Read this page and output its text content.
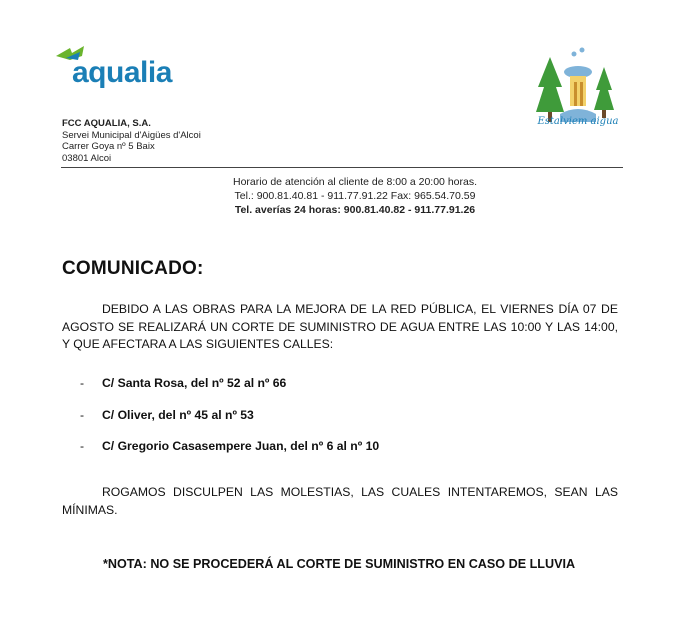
aqualia
Estalviem aigua
FCC AQUALIA, S.A.
Servei Municipal d'Aigües d'Alcoi
Carrer Goya nº 5 Baix
03801 Alcoi
Horario de atención al cliente de 8:00 a 20:00 horas.
Tel.: 900.81.40.81 - 911.77.91.22 Fax: 965.54.70.59
Tel. averías 24 horas: 900.81.40.82 - 911.77.91.26
COMUNICADO:
DEBIDO A LAS OBRAS PARA LA MEJORA DE LA RED PÚBLICA, EL VIERNES DÍA 07 DE AGOSTO SE REALIZARÁ UN CORTE DE SUMINISTRO DE AGUA ENTRE LAS 10:00 Y LAS 14:00, Y QUE AFECTARA A LAS SIGUIENTES CALLES:
- C/ Santa Rosa, del nº 52 al nº 66
- C/ Oliver, del nº 45 al nº 53
- C/ Gregorio Casasempere Juan, del nº 6 al nº 10
ROGAMOS DISCULPEN LAS MOLESTIAS, LAS CUALES INTENTAREMOS, SEAN LAS MÍNIMAS.
*NOTA: NO SE PROCEDERÁ AL CORTE DE SUMINISTRO EN CASO DE LLUVIA
